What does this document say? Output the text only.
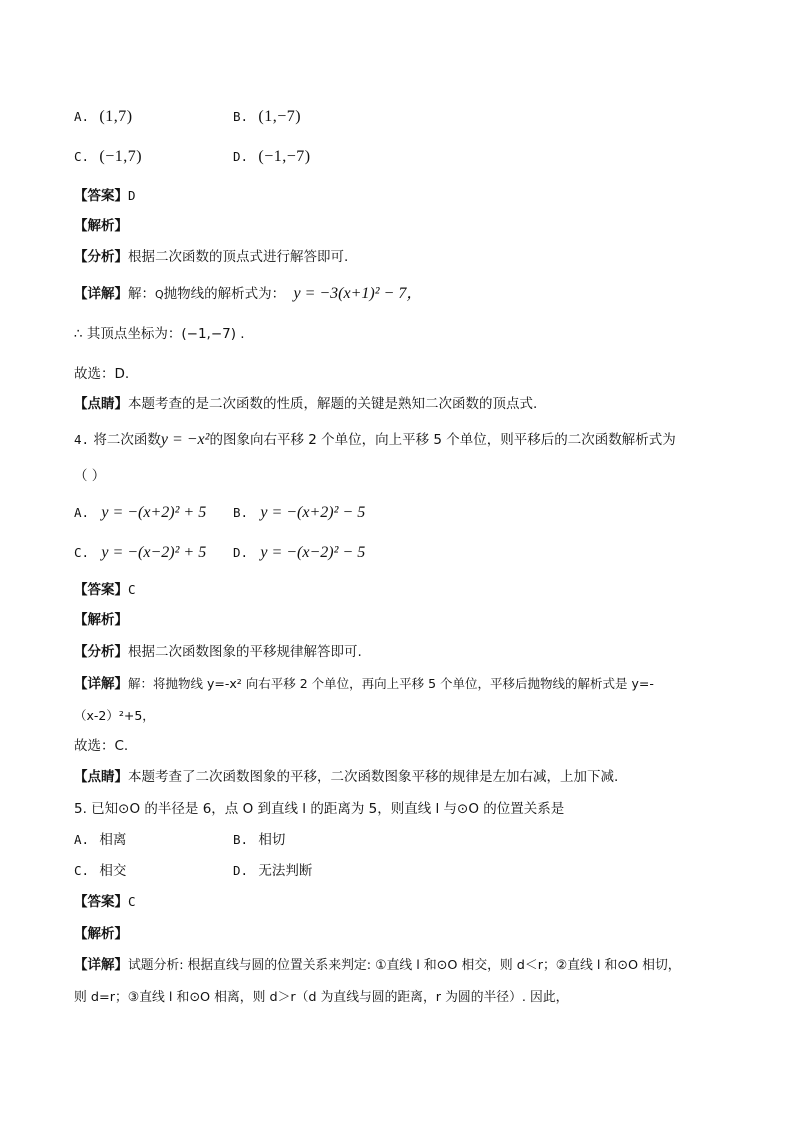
A. (1,7)	B. (1,−7)
C. (−1,7)	D. (−1,−7)
【答案】D
【解析】
【分析】根据二次函数的顶点式进行解答即可.
【详解】解：Q抛物线的解析式为： y = −3(x+1)² − 7，
∴ 其顶点坐标为：(−1,−7) .
故选：D.
【点睛】本题考查的是二次函数的性质，解题的关键是熟知二次函数的顶点式.
4. 将二次函数y = −x²的图象向右平移 2 个单位，向上平移 5 个单位，则平移后的二次函数解析式为
（ ）
A. y = −(x+2)² + 5 B. y = −(x+2)² − 5
C. y = −(x−2)² + 5 D. y = −(x−2)² − 5
【答案】C
【解析】
【分析】根据二次函数图象的平移规律解答即可.
【详解】解：将抛物线 y=-x² 向右平移 2 个单位，再向上平移 5 个单位，平移后抛物线的解析式是 y=-
（x-2）²+5，
故选：C.
【点睛】本题考查了二次函数图象的平移，二次函数图象平移的规律是左加右减，上加下减.
5. 已知⊙O 的半径是 6，点 O 到直线 l 的距离为 5，则直线 l 与⊙O 的位置关系是
A. 相离	B. 相切
C. 相交	D. 无法判断
【答案】C
【解析】
【详解】试题分析: 根据直线与圆的位置关系来判定: ①直线 l 和⊙O 相交，则 d＜r；②直线 l 和⊙O 相切，
则 d=r；③直线 l 和⊙O 相离，则 d＞r（d 为直线与圆的距离，r 为圆的半径）. 因此，
